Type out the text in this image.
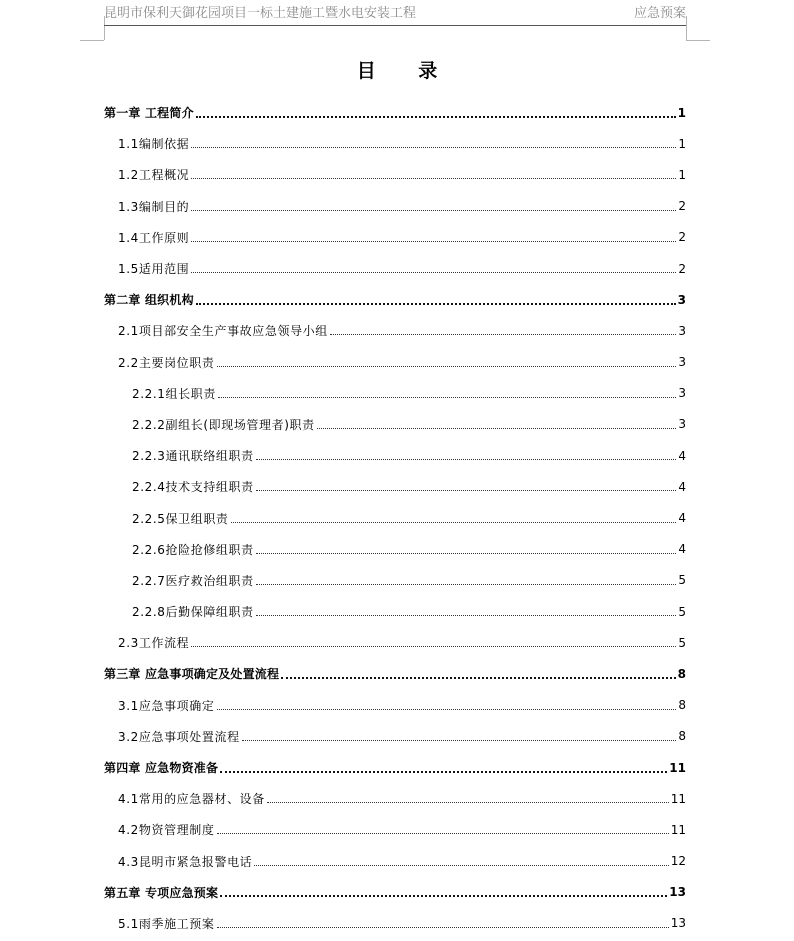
昆明市保利天御花园项目一标土建施工暨水电安装工程	应急预案
目 录
第一章 工程简介	1
1.1编制依据	1
1.2工程概况	1
1.3编制目的	2
1.4工作原则	2
1.5适用范围	2
第二章 组织机构	3
2.1项目部安全生产事故应急领导小组	3
2.2主要岗位职责	3
2.2.1组长职责	3
2.2.2副组长(即现场管理者)职责	3
2.2.3通讯联络组职责	4
2.2.4技术支持组职责	4
2.2.5保卫组职责	4
2.2.6抢险抢修组职责	4
2.2.7医疗救治组职责	5
2.2.8后勤保障组职责	5
2.3工作流程	5
第三章 应急事项确定及处置流程	8
3.1应急事项确定	8
3.2应急事项处置流程	8
第四章 应急物资准备	11
4.1常用的应急器材、设备	11
4.2物资管理制度	11
4.3昆明市紧急报警电话	12
第五章 专项应急预案	13
5.1雨季施工预案	13
